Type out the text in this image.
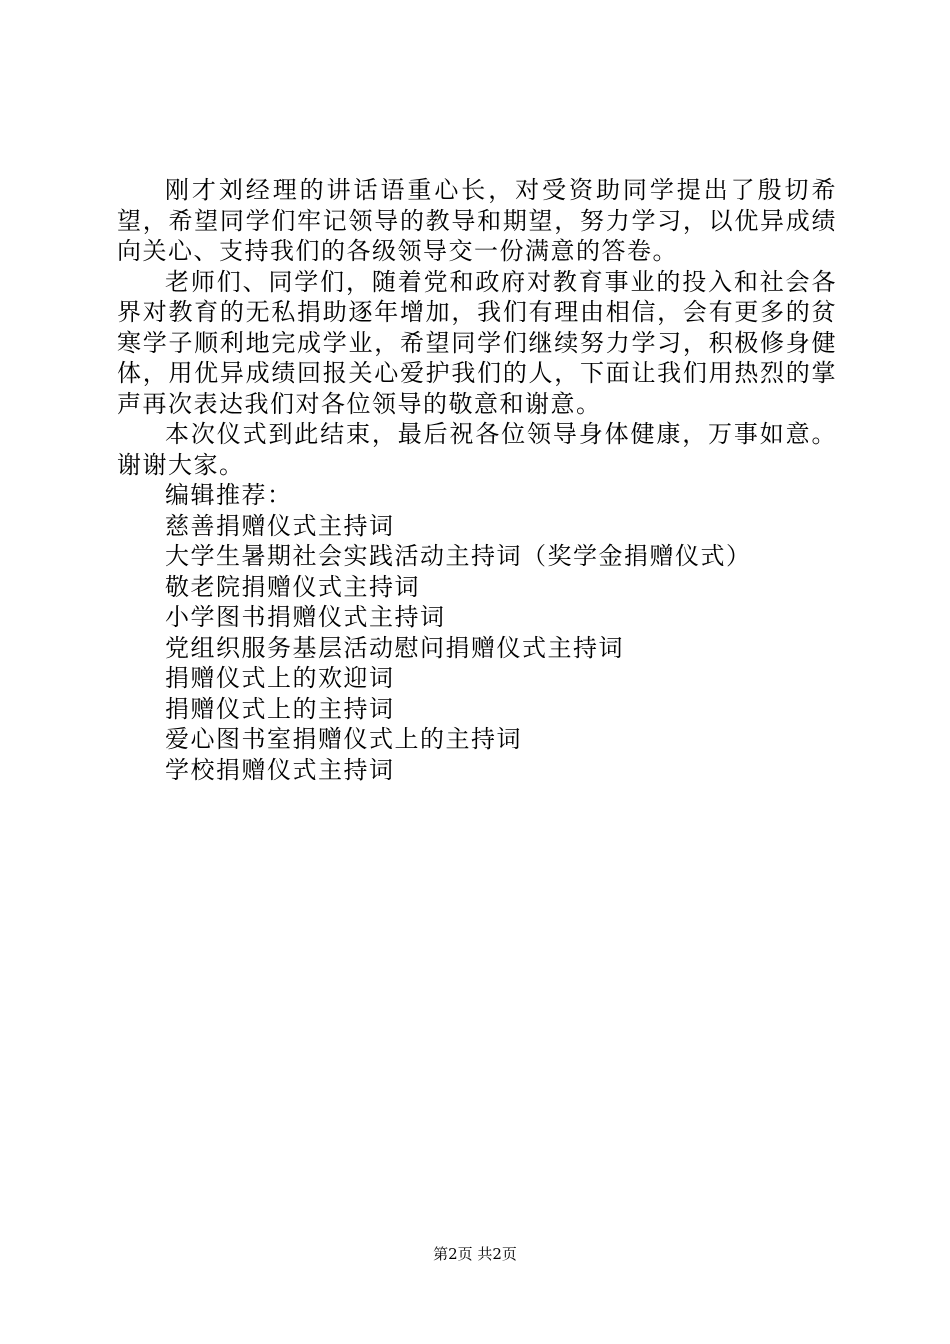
刚才刘经理的讲话语重心长，对受资助同学提出了殷切希望，希望同学们牢记领导的教导和期望，努力学习，以优异成绩向关心、支持我们的各级领导交一份满意的答卷。

老师们、同学们，随着党和政府对教育事业的投入和社会各界对教育的无私捐助逐年增加，我们有理由相信，会有更多的贫寒学子顺利地完成学业，希望同学们继续努力学习，积极修身健体，用优异成绩回报关心爱护我们的人，下面让我们用热烈的掌声再次表达我们对各位领导的敬意和谢意。

本次仪式到此结束，最后祝各位领导身体健康，万事如意。谢谢大家。

编辑推荐：

慈善捐赠仪式主持词
大学生暑期社会实践活动主持词（奖学金捐赠仪式）
敬老院捐赠仪式主持词
小学图书捐赠仪式主持词
党组织服务基层活动慰问捐赠仪式主持词
捐赠仪式上的欢迎词
捐赠仪式上的主持词
爱心图书室捐赠仪式上的主持词
学校捐赠仪式主持词
第2页 共2页
